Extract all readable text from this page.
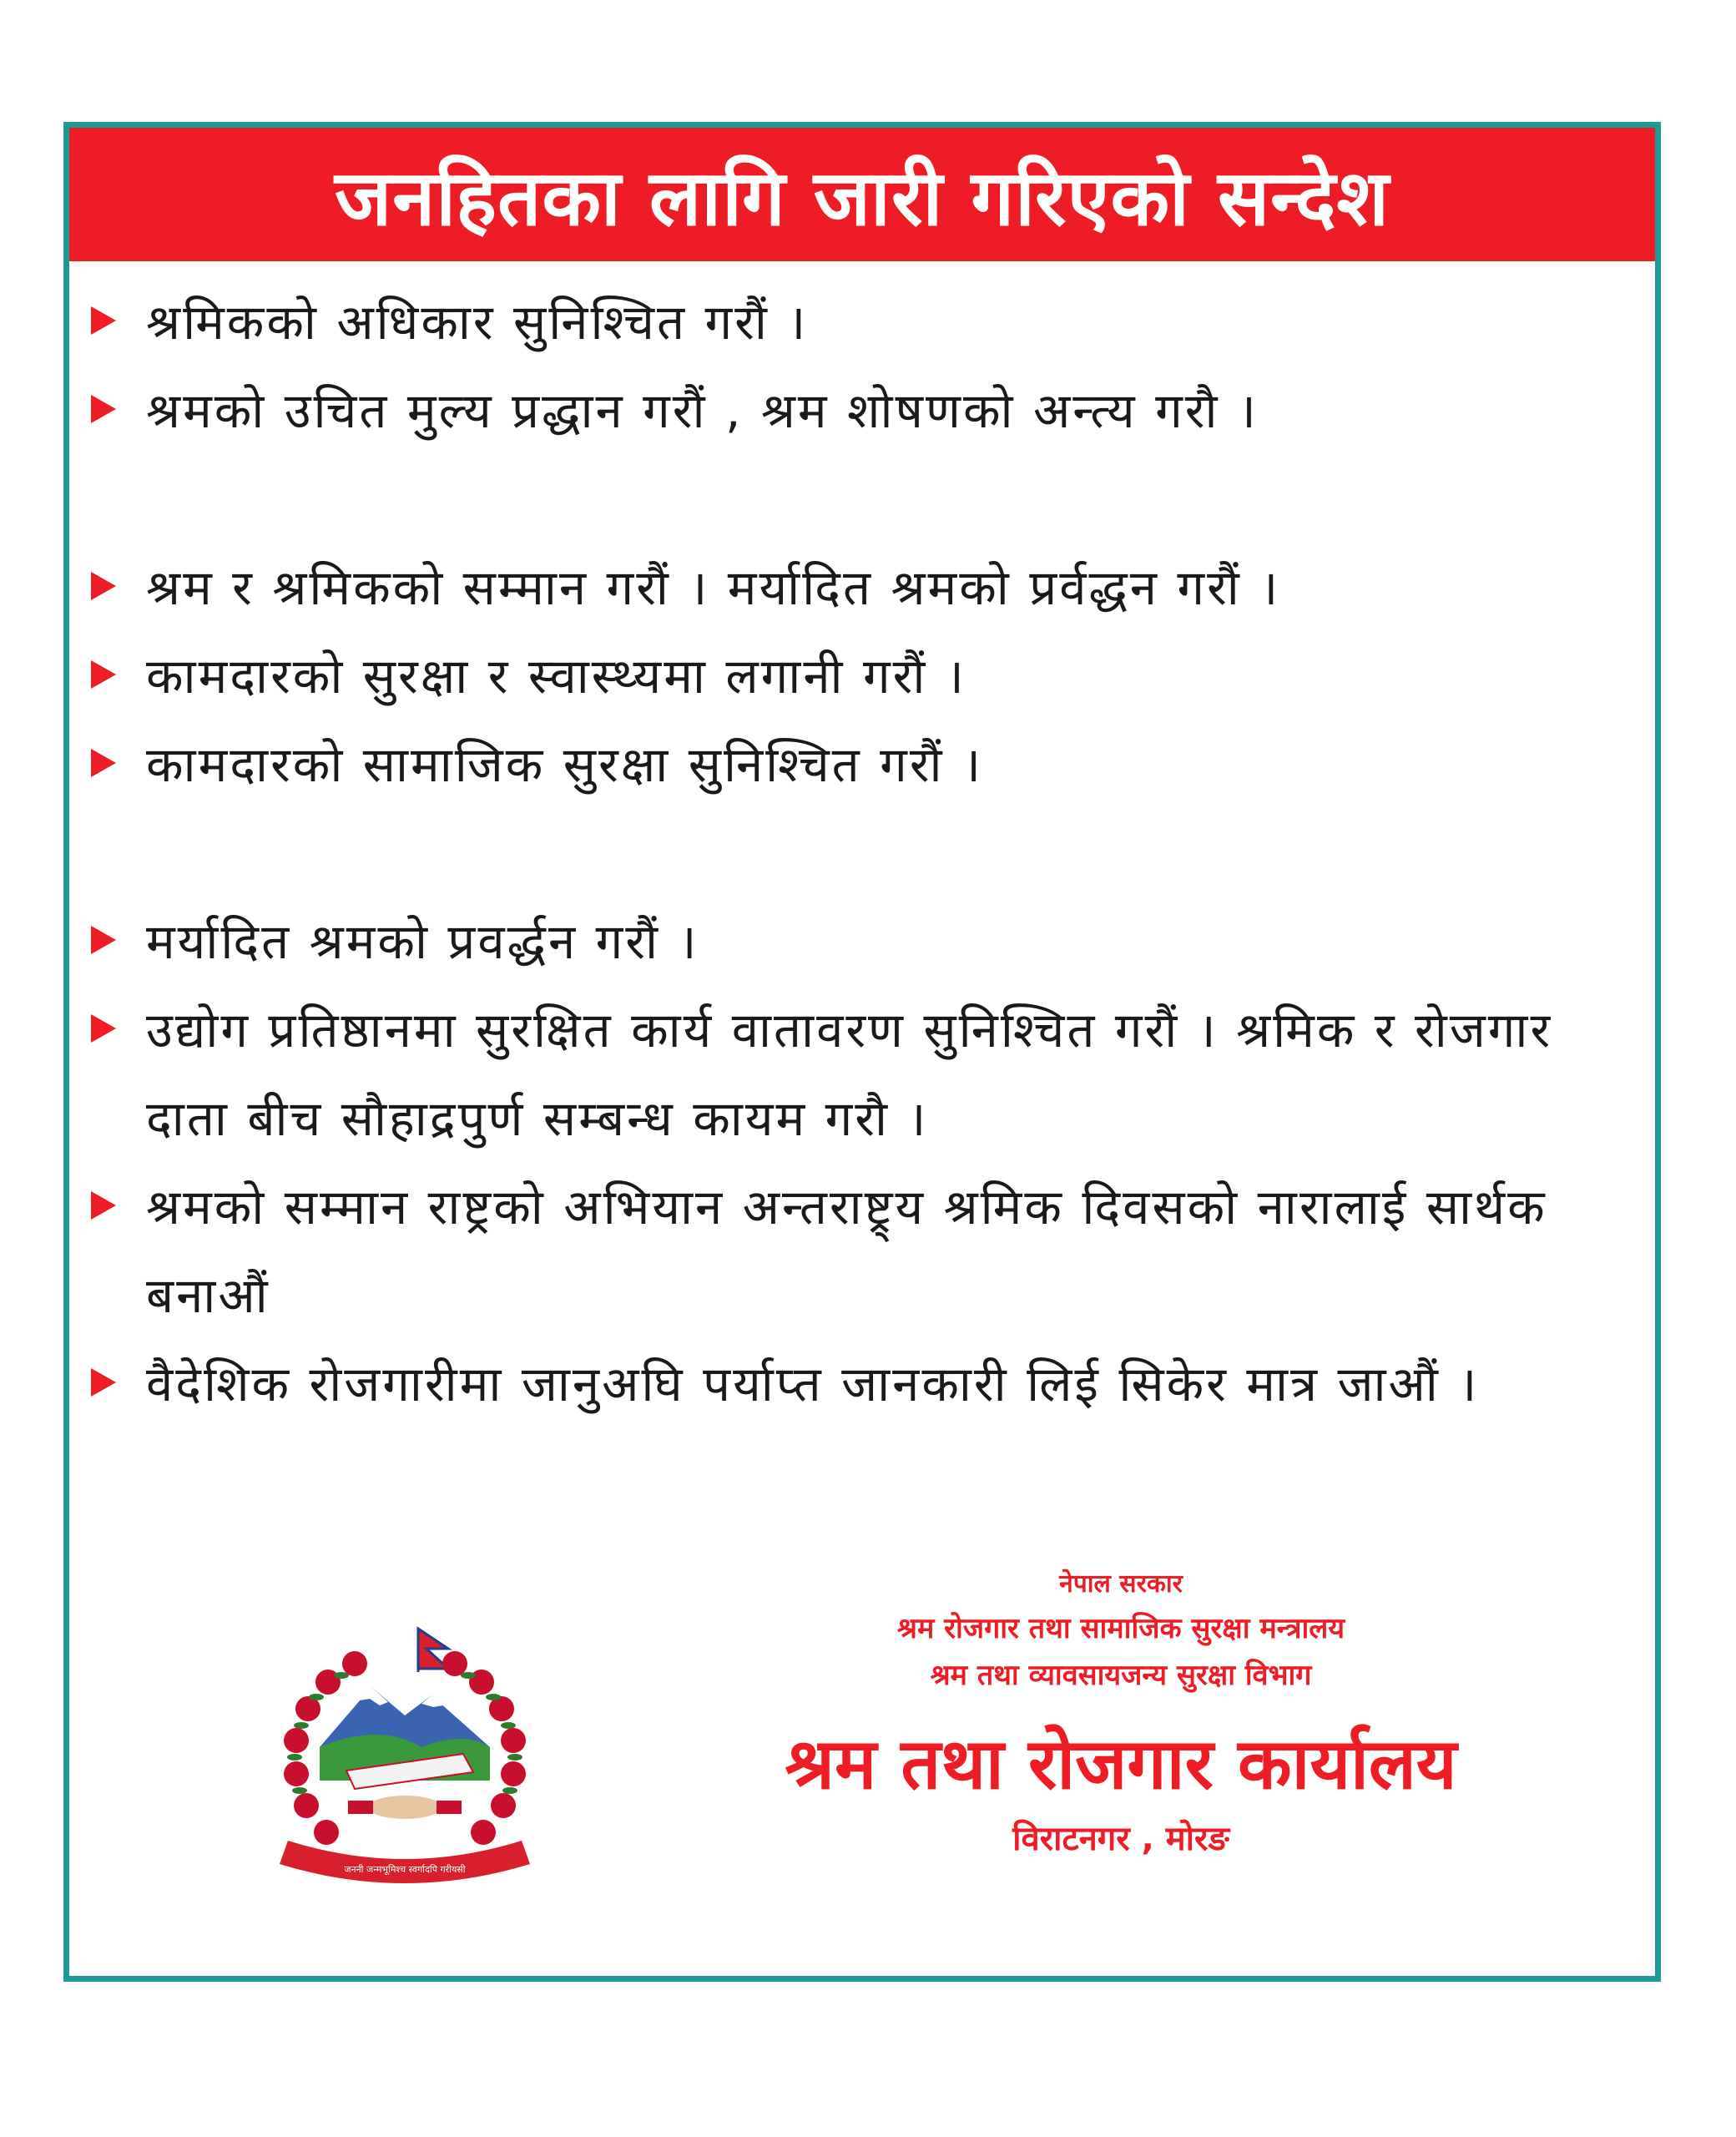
जनहितका लागि जारी गरिएको सन्देश
श्रमिकको अधिकार सुनिश्चित गरौं ।
श्रमको उचित मुल्य प्रद्धान गरौं , श्रम शोषणको अन्त्य गरौ ।
श्रम र श्रमिकको सम्मान गरौं । मर्यादित श्रमको प्रर्वद्धन गरौं ।
कामदारको सुरक्षा र स्वास्थ्यमा लगानी गरौं ।
कामदारको सामाजिक सुरक्षा सुनिश्चित गरौं ।
मर्यादित श्रमको प्रवर्द्धन गरौं ।
उद्योग प्रतिष्ठानमा सुरक्षित कार्य वातावरण सुनिश्चित गरौं । श्रमिक र रोजगार दाता बीच सौहाद्रपुर्ण सम्बन्ध कायम गरौ ।
श्रमको सम्मान राष्ट्रको अभियान अन्तराष्ट्र्य श्रमिक दिवसको नारालाई सार्थक बनाऔं
वैदेशिक रोजगारीमा जानुअघि पर्याप्त जानकारी लिई सिकेर मात्र जाऔं ।
जननी जन्मभूमिश्च स्वर्गादपि गरीयसी
नेपाल सरकार
श्रम रोजगार तथा सामाजिक सुरक्षा मन्त्रालय
श्रम तथा व्यावसायजन्य सुरक्षा विभाग
श्रम तथा रोजगार कार्यालय
विराटनगर , मोरङ
